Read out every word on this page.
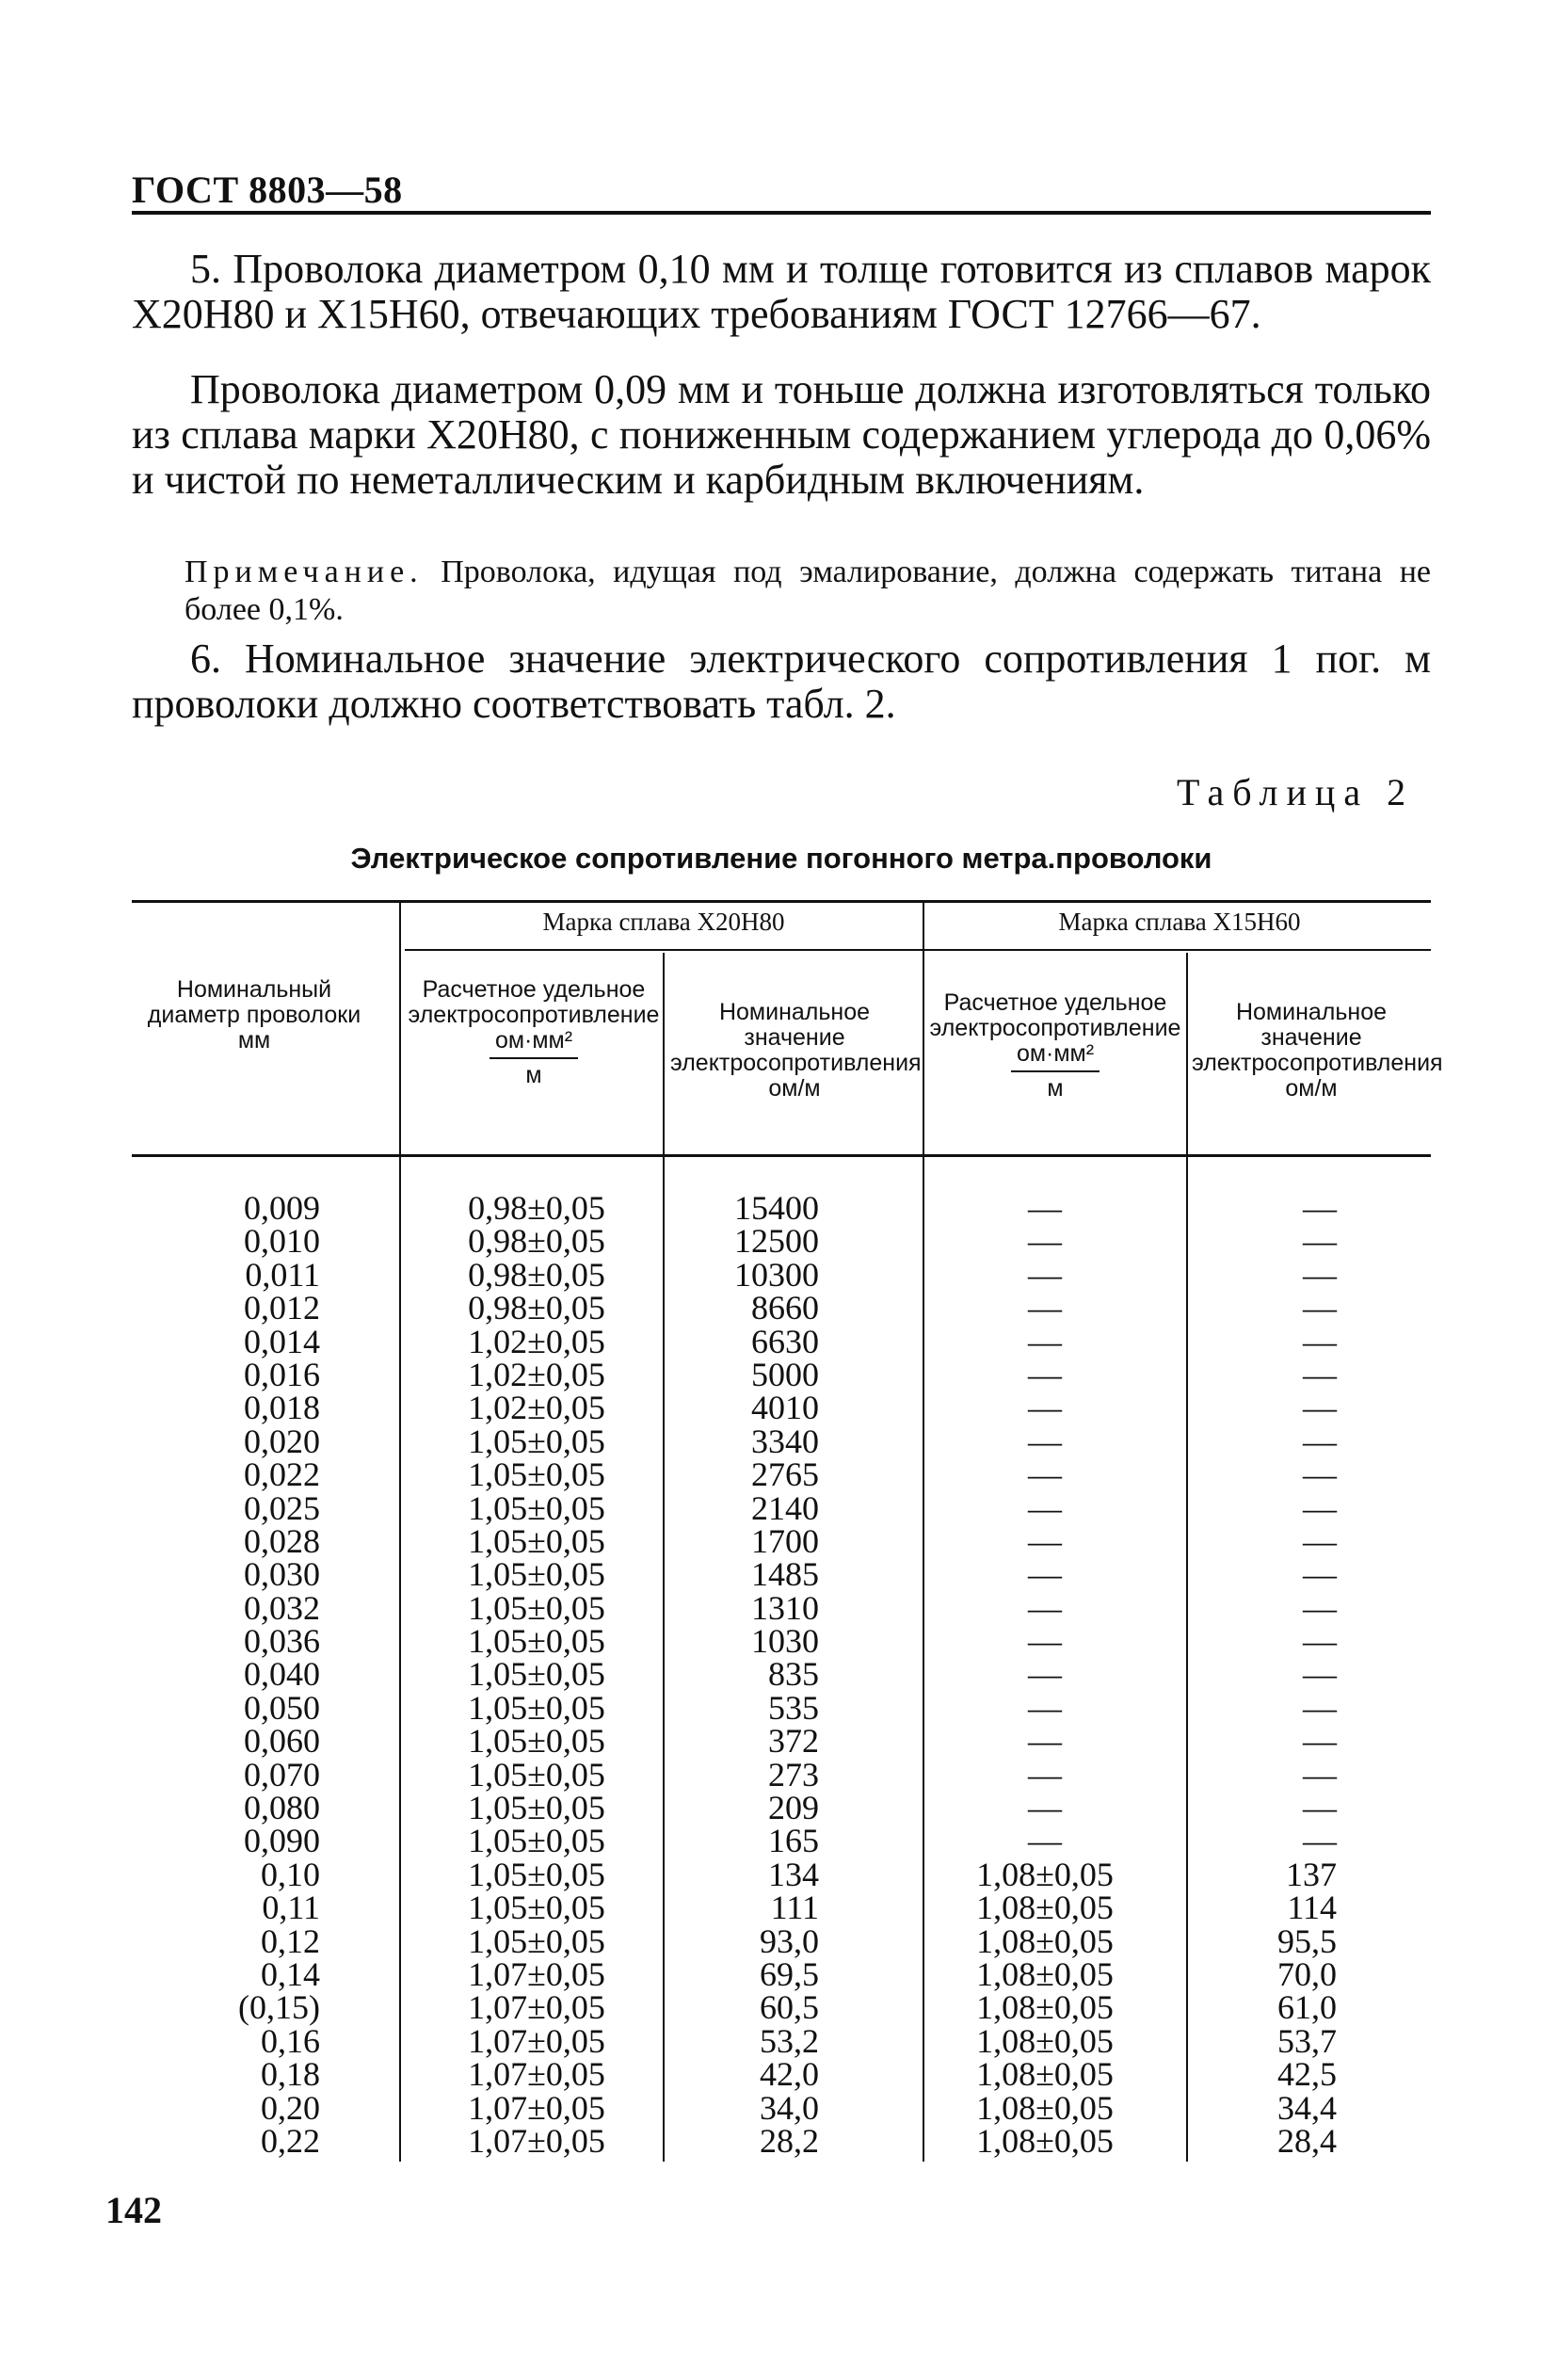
ГОСТ 8803—58
5. Проволока диаметром 0,10 мм и толще готовится из сплавов марок Х20Н80 и Х15Н60, отвечающих требованиям ГОСТ 12766—67.
Проволока диаметром 0,09 мм и тоньше должна изготовляться только из сплава марки Х20Н80, с пониженным содержанием углерода до 0,06% и чистой по неметаллическим и карбидным включениям.
Примечание. Проволока, идущая под эмалирование, должна содержать титана не более 0,1%.
6. Номинальное значение электрического сопротивления 1 пог. м проволоки должно соответствовать табл. 2.
Таблица 2
Электрическое сопротивление погонного метра.проволоки
Номинальный диаметр проволоки мм
Марка сплава Х20Н80	Марка сплава Х15Н60
Расчетное удельное электросопротивление
ом·мм²
м
Номинальное значение электросопротивления ом/м
Расчетное удельное электросопротивление
ом·мм²
м
Номинальное значение электросопротивления ом/м
0,009
0,010
0,011
0,012
0,014
0,016
0,018
0,020
0,022
0,025
0,028
0,030
0,032
0,036
0,040
0,050
0,060
0,070
0,080
0,090
0,10
0,11
0,12
0,14
(0,15)
0,16
0,18
0,20
0,22
0,98±0,05
0,98±0,05
0,98±0,05
0,98±0,05
1,02±0,05
1,02±0,05
1,02±0,05
1,05±0,05
1,05±0,05
1,05±0,05
1,05±0,05
1,05±0,05
1,05±0,05
1,05±0,05
1,05±0,05
1,05±0,05
1,05±0,05
1,05±0,05
1,05±0,05
1,05±0,05
1,05±0,05
1,05±0,05
1,05±0,05
1,07±0,05
1,07±0,05
1,07±0,05
1,07±0,05
1,07±0,05
1,07±0,05
15400
12500
10300
8660
6630
5000
4010
3340
2765
2140
1700
1485
1310
1030
835
535
372
273
209
165
134
111
93,0
69,5
60,5
53,2
42,0
34,0
28,2
—
—
—
—
—
—
—
—
—
—
—
—
—
—
—
—
—
—
—
—
1,08±0,05
1,08±0,05
1,08±0,05
1,08±0,05
1,08±0,05
1,08±0,05
1,08±0,05
1,08±0,05
1,08±0,05
—
—
—
—
—
—
—
—
—
—
—
—
—
—
—
—
—
—
—
—
137
114
95,5
70,0
61,0
53,7
42,5
34,4
28,4
142
